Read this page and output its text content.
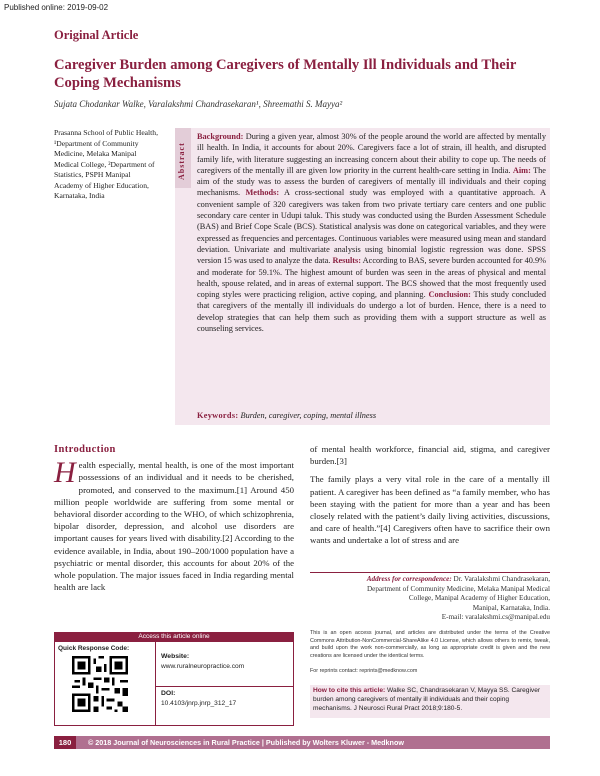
Published online: 2019-09-02
Original Article
Caregiver Burden among Caregivers of Mentally Ill Individuals and Their Coping Mechanisms
Sujata Chodankar Walke, Varalakshmi Chandrasekaran¹, Shreemathi S. Mayya²
Prasanna School of Public Health, ¹Department of Community Medicine, Melaka Manipal Medical College, ²Department of Statistics, PSPH Manipal Academy of Higher Education, Karnataka, India
Abstract
Background: During a given year, almost 30% of the people around the world are affected by mentally ill health. In India, it accounts for about 20%. Caregivers face a lot of strain, ill health, and disrupted family life, with literature suggesting an increasing concern about their ability to cope up. The needs of caregivers of the mentally ill are given low priority in the current health-care setting in India. Aim: The aim of the study was to assess the burden of caregivers of mentally ill individuals and their coping mechanisms. Methods: A cross-sectional study was employed with a quantitative approach. A convenient sample of 320 caregivers was taken from two private tertiary care centers and one public secondary care center in Udupi taluk. This study was conducted using the Burden Assessment Schedule (BAS) and Brief Cope Scale (BCS). Statistical analysis was done on categorical variables, and they were expressed as frequencies and percentages. Continuous variables were measured using mean and standard deviation. Univariate and multivariate analysis using binomial logistic regression was done. SPSS version 15 was used to analyze the data. Results: According to BAS, severe burden accounted for 40.9% and moderate for 59.1%. The highest amount of burden was seen in the areas of physical and mental health, spouse related, and in areas of external support. The BCS showed that the most frequently used coping styles were practicing religion, active coping, and planning. Conclusion: This study concluded that caregivers of the mentally ill individuals do undergo a lot of burden. Hence, there is a need to develop strategies that can help them such as providing them with a support structure as well as counseling services.
Keywords: Burden, caregiver, coping, mental illness
Introduction
H ealth especially, mental health, is one of the most important possessions of an individual and it needs to be cherished, promoted, and conserved to the maximum.[1] Around 450 million people worldwide are suffering from some mental or behavioral disorder according to the WHO, of which schizophrenia, bipolar disorder, depression, and alcohol use disorders are important causes for years lived with disability.[2] According to the evidence available, in India, about 190–200/1000 population have a psychiatric or mental disorder, this accounts for about 20% of the whole population. The major issues faced in India regarding mental health are lack

of mental health workforce, financial aid, stigma, and caregiver burden.[3]

The family plays a very vital role in the care of a mentally ill patient. A caregiver has been defined as “a family member, who has been staying with the patient for more than a year and has been closely related with the patient’s daily living activities, discussions, and care of health.”[4] Caregivers often have to sacrifice their own wants and undertake a lot of stress and are

Address for correspondence: Dr. Varalakshmi Chandrasekaran,
Department of Community Medicine, Melaka Manipal Medical
College, Manipal Academy of Higher Education,
Manipal, Karnataka, India.
E-mail: varalakshmi.cs@manipal.edu
This is an open access journal, and articles are distributed under the terms of the Creative Commons Attribution-NonCommercial-ShareAlike 4.0 License, which allows others to remix, tweak, and build upon the work non-commercially, as long as appropriate credit is given and the new creations are licensed under the identical terms.
For reprints contact: reprints@medknow.com
How to cite this article: Walke SC, Chandrasekaran V, Mayya SS. Caregiver burden among caregivers of mentally ill individuals and their coping mechanisms. J Neurosci Rural Pract 2018;9:180-5.
Access this article online
Quick Response Code:
Website:
www.ruralneuropractice.com
DOI:
10.4103/jnrp.jnrp_312_17
180	© 2018 Journal of Neurosciences in Rural Practice | Published by Wolters Kluwer - Medknow
